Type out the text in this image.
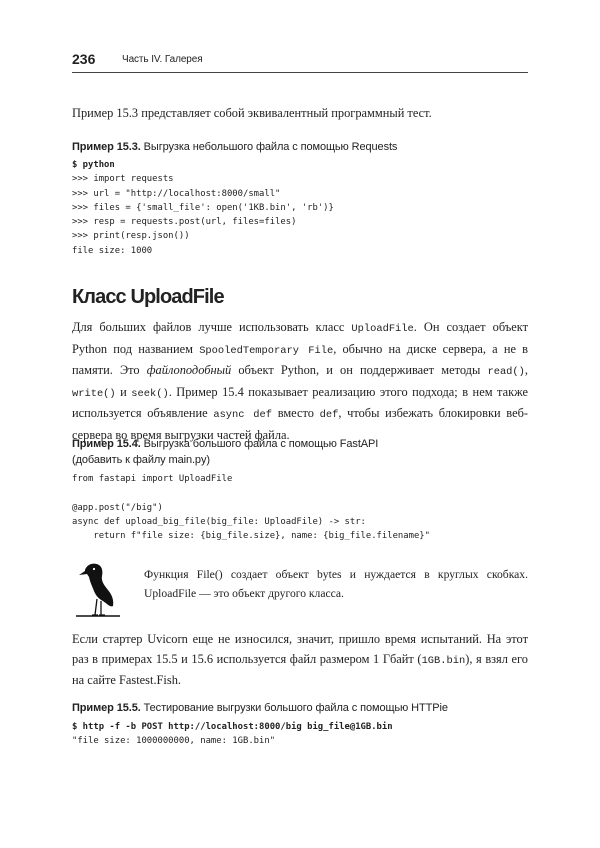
236	Часть IV. Галерея

Пример 15.3 представляет собой эквивалентный программный тест.

Пример 15.3. Выгрузка небольшого файла с помощью Requests
$ python
>>> import requests
>>> url = "http://localhost:8000/small"
>>> files = {'small_file': open('1KB.bin', 'rb')}
>>> resp = requests.post(url, files=files)
>>> print(resp.json())
file size: 1000
Класс UploadFile

Для больших файлов лучше использовать класс UploadFile. Он создает объект Python под названием SpooledTemporary File, обычно на диске сервера, а не в памяти. Это файлоподобный объект Python, и он поддерживает методы read(), write() и seek(). Пример 15.4 показывает реализацию этого подхода; в нем также используется объявление async def вместо def, чтобы избежать блокировки веб-сервера во время выгрузки частей файла.

Пример 15.4. Выгрузка большого файла с помощью FastAPI
(добавить к файлу main.py)
from fastapi import UploadFile

@app.post("/big")
async def upload_big_file(big_file: UploadFile) -> str:
return f"file size: {big_file.size}, name: {big_file.filename}"
Функция File() создает объект bytes и нуждается в круглых скобках. UploadFile — это объект другого класса.

Если стартер Uvicorn еще не износился, значит, пришло время испытаний. На этот раз в примерах 15.5 и 15.6 используется файл размером 1 Гбайт (1GB.bin), я взял его на сайте Fastest.Fish.

Пример 15.5. Тестирование выгрузки большого файла с помощью HTTPie
$ http -f -b POST http://localhost:8000/big big_file@1GB.bin
"file size: 1000000000, name: 1GB.bin"
